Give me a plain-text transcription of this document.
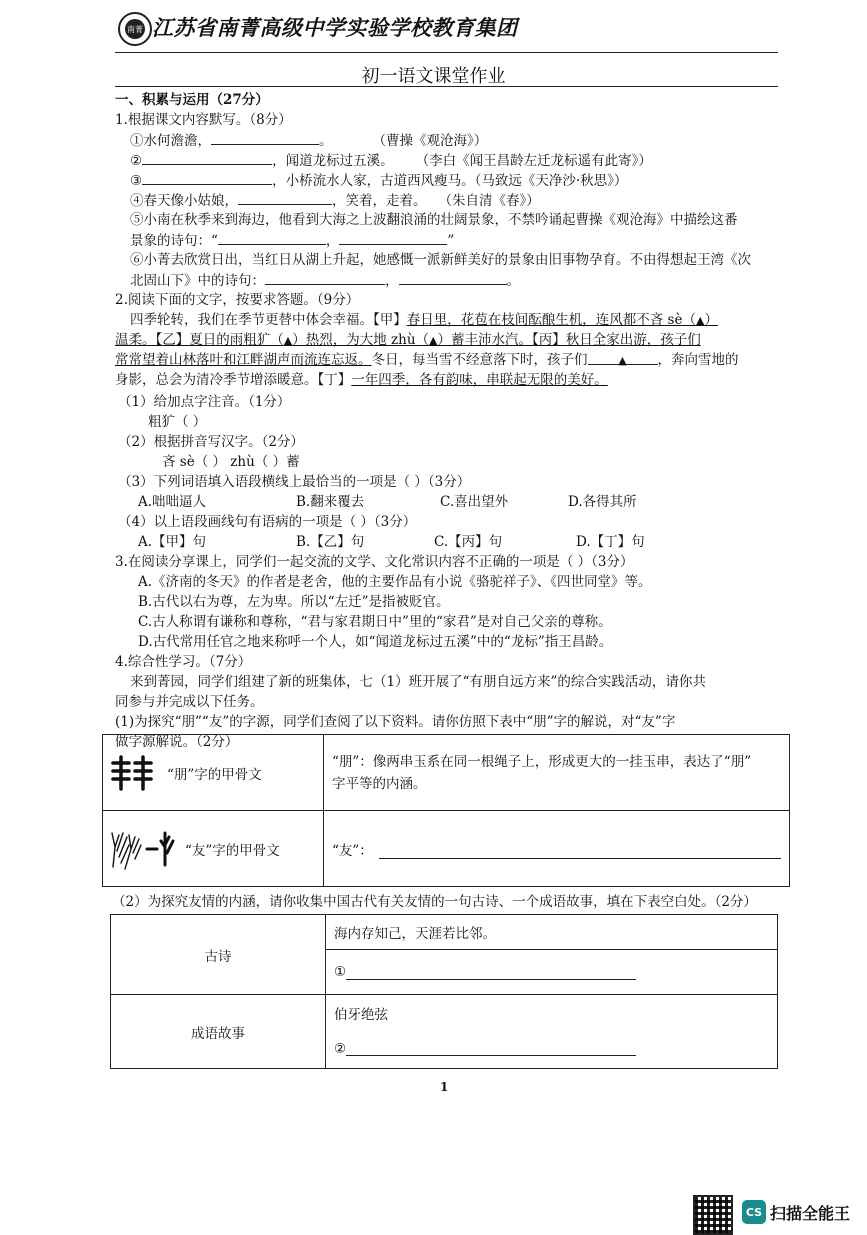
南菁 江苏省南菁高级中学实验学校教育集团
初一语文课堂作业
一、积累与运用（27分）
1.根据课文内容默写。（8分）
①水何澹澹，	。	（曹操《观沧海》）
②	，闻道龙标过五溪。 （李白《闻王昌龄左迁龙标遥有此寄》）
③	，小桥流水人家，古道西风瘦马。（马致远《天净沙·秋思》）
④春天像小姑娘，	，笑着，走着。 （朱自清《春》）
⑤小南在秋季来到海边，他看到大海之上波翻浪涌的壮阔景象，不禁吟诵起曹操《观沧海》中描绘这番
景象的诗句：“	，	”
⑥小菁去欣赏日出，当红日从湖上升起，她感慨一派新鲜美好的景象由旧事物孕育。不由得想起王湾《次
北固山下》中的诗句：	，	。
2.阅读下面的文字，按要求答题。（9分）
四季轮转，我们在季节更替中体会幸福。【甲】春日里，花苞在枝间酝酿生机，连风都不吝 sè（▲）
温柔。【乙】夏日的雨粗犷（▲）热烈，为大地 zhù（▲）蓄丰沛水汽。【丙】秋日全家出游，孩子们
常常望着山林落叶和江畔湖声而流连忘返。冬日，每当雪不经意落下时，孩子们	▲ ，奔向雪地的
身影，总会为清冷季节增添暖意。【丁】一年四季，各有韵味，串联起无限的美好。
（1）给加点字注音。（1分）
粗犷（ ）
（2）根据拼音写汉字。（2分）
吝 sè（ ） zhù（ ）蓄
（3）下列词语填入语段横线上最恰当的一项是（ ）（3分）
A.咄咄逼人	B.翻来覆去	C.喜出望外	D.各得其所
（4）以上语段画线句有语病的一项是（ ）（3分）
A.【甲】句	B.【乙】句	C.【丙】句	D.【丁】句
3.在阅读分享课上，同学们一起交流的文学、文化常识内容不正确的一项是（ ）（3分）
A.《济南的冬天》的作者是老舍，他的主要作品有小说《骆驼祥子》、《四世同堂》等。
B.古代以右为尊，左为卑。所以“左迁”是指被贬官。
C.古人称谓有谦称和尊称，“君与家君期日中”里的“家君”是对自己父亲的尊称。
D.古代常用任官之地来称呼一个人，如“闻道龙标过五溪”中的“龙标”指王昌龄。
4.综合性学习。（7分）
来到菁园，同学们组建了新的班集体，七（1）班开展了“有朋自远方来”的综合实践活动，请你共
同参与并完成以下任务。
(1)为探究“朋”“友”的字源，同学们查阅了以下资料。请你仿照下表中“朋”字的解说，对“友”字
做字源解说。（2分）
“朋”字的甲骨文	“朋”：像两串玉系在同一根绳子上，形成更大的一挂玉串，表达了“朋”
字平等的内涵。

“友”字的甲骨文	“友”：
（2）为探究友情的内涵，请你收集中国古代有关友情的一句古诗、一个成语故事，填在下表空白处。（2分）
古诗	海内存知己，天涯若比邻。
①

成语故事	伯牙绝弦
②
1
CS 扫描全能王
